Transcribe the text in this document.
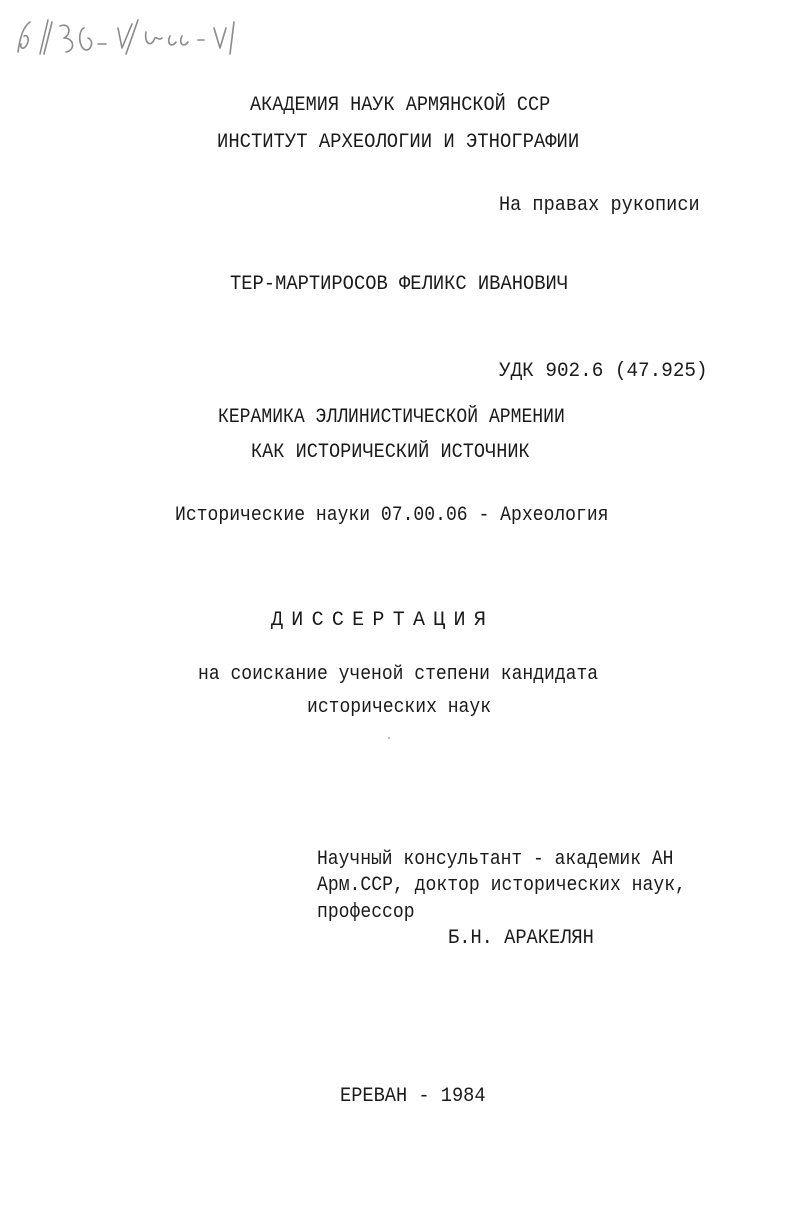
АКАДЕМИЯ НАУК АРМЯНСКОЙ ССР
ИНСТИТУТ АРХЕОЛОГИИ И ЭТНОГРАФИИ
На правах рукописи
ТЕР-МАРТИРОСОВ ФЕЛИКС ИВАНОВИЧ
УДК 902.6 (47.925)
КЕРАМИКА ЭЛЛИНИСТИЧЕСКОЙ АРМЕНИИ
КАК ИСТОРИЧЕСКИЙ ИСТОЧНИК
Исторические науки 07.00.06 - Археология
ДИССЕРТАЦИЯ
на соискание ученой степени кандидата
исторических наук
Научный консультант - академик АН
Арм.ССР, доктор исторических наук,
профессор
Б.Н. АРАКЕЛЯН
ЕРЕВАН - 1984
